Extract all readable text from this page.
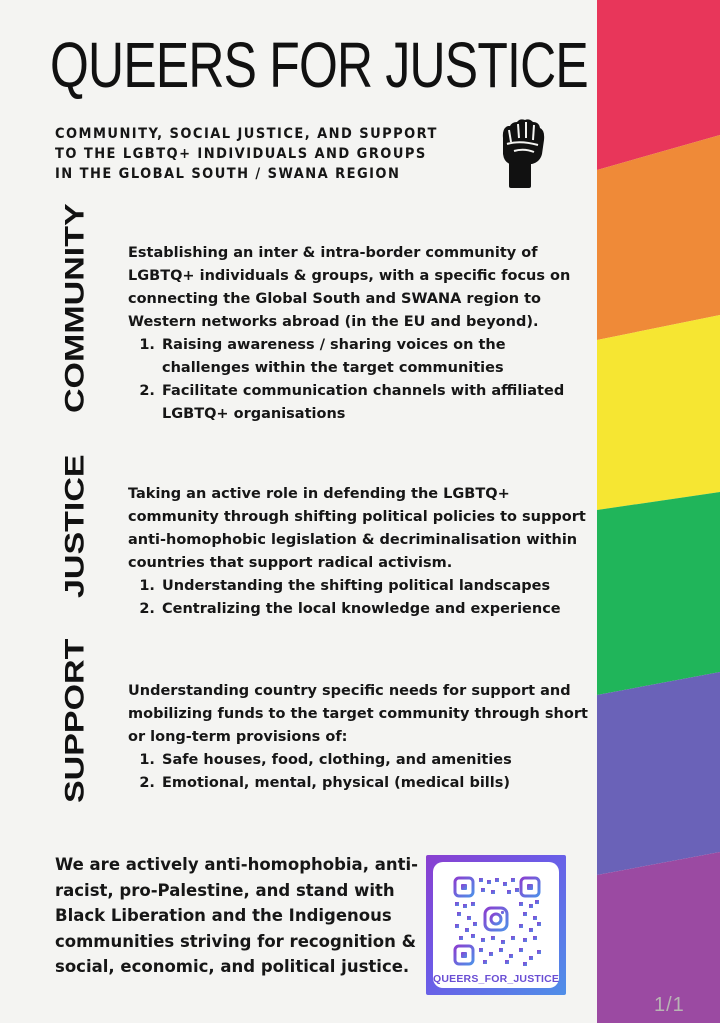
QUEERS FOR JUSTICE
COMMUNITY, SOCIAL JUSTICE, AND SUPPORT TO THE LGBTQ+ INDIVIDUALS AND GROUPS IN THE GLOBAL SOUTH / SWANA REGION
COMMUNITY	Establishing an inter & intra-border community of LGBTQ+ individuals & groups, with a specific focus on connecting the Global South and SWANA region to Western networks abroad (in the EU and beyond).

1. Raising awareness / sharing voices on the challenges within the target communities
2. Facilitate communication channels with affiliated LGBTQ+ organisations
JUSTICE	Taking an active role in defending the LGBTQ+ community through shifting political policies to support anti-homophobic legislation & decriminalisation within countries that support radical activism.

1. Understanding the shifting political landscapes
2. Centralizing the local knowledge and experience
SUPPORT	Understanding country specific needs for support and mobilizing funds to the target community through short or long-term provisions of:

1. Safe houses, food, clothing, and amenities
2. Emotional, mental, physical (medical bills)
We are actively anti-homophobia, anti-racist, pro-Palestine, and stand with Black Liberation and the Indigenous communities striving for recognition & social, economic, and political justice.
QUEERS_FOR_JUSTICE
1/1
